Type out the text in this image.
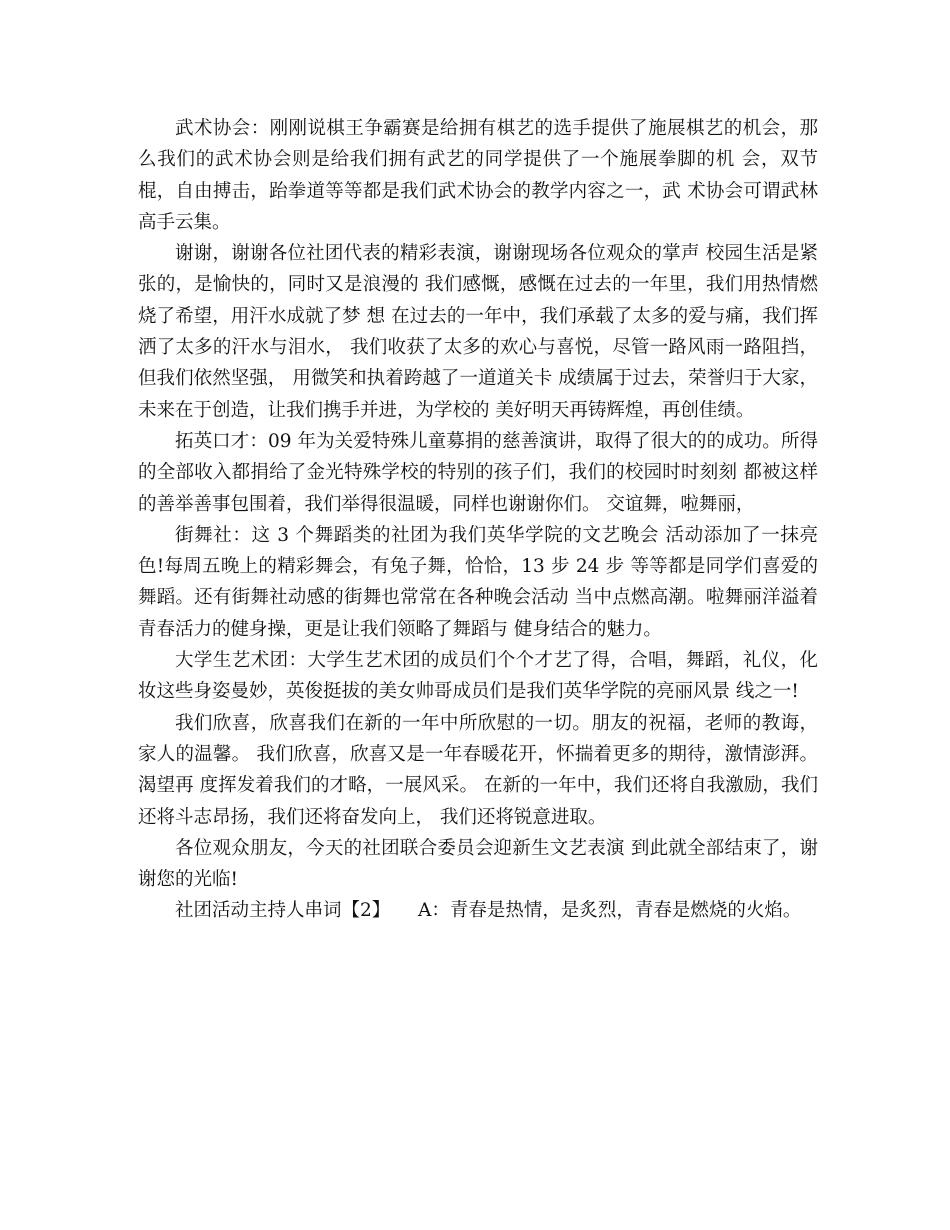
武术协会：刚刚说棋王争霸赛是给拥有棋艺的选手提供了施展棋艺的机会，那么我们的武术协会则是给我们拥有武艺的同学提供了一个施展拳脚的机 会，双节棍，自由搏击，跆拳道等等都是我们武术协会的教学内容之一，武 术协会可谓武林高手云集。

谢谢，谢谢各位社团代表的精彩表演，谢谢现场各位观众的掌声 校园生活是紧张的，是愉快的，同时又是浪漫的 我们感慨，感慨在过去的一年里，我们用热情燃烧了希望，用汗水成就了梦 想 在过去的一年中，我们承载了太多的爱与痛，我们挥洒了太多的汗水与泪水， 我们收获了太多的欢心与喜悦，尽管一路风雨一路阻挡，但我们依然坚强， 用微笑和执着跨越了一道道关卡 成绩属于过去，荣誉归于大家，未来在于创造，让我们携手并进，为学校的 美好明天再铸辉煌，再创佳绩。

拓英口才：09 年为关爱特殊儿童募捐的慈善演讲，取得了很大的的成功。所得的全部收入都捐给了金光特殊学校的特别的孩子们，我们的校园时时刻刻 都被这样的善举善事包围着，我们举得很温暖，同样也谢谢你们。 交谊舞，啦舞丽，

街舞社：这 3 个舞蹈类的社团为我们英华学院的文艺晚会 活动添加了一抹亮色!每周五晚上的精彩舞会，有兔子舞，恰恰，13 步 24 步 等等都是同学们喜爱的舞蹈。还有街舞社动感的街舞也常常在各种晚会活动 当中点燃高潮。啦舞丽洋溢着青春活力的健身操，更是让我们领略了舞蹈与 健身结合的魅力。

大学生艺术团：大学生艺术团的成员们个个才艺了得，合唱，舞蹈，礼仪，化妆这些身姿曼妙，英俊挺拔的美女帅哥成员们是我们英华学院的亮丽风景 线之一!

我们欣喜，欣喜我们在新的一年中所欣慰的一切。朋友的祝福，老师的教诲，家人的温馨。 我们欣喜，欣喜又是一年春暖花开，怀揣着更多的期待，激情澎湃。渴望再 度挥发着我们的才略，一展风采。 在新的一年中，我们还将自我激励，我们还将斗志昂扬，我们还将奋发向上， 我们还将锐意进取。

各位观众朋友，今天的社团联合委员会迎新生文艺表演 到此就全部结束了，谢谢您的光临!

社团活动主持人串词【2】　　A：青春是热情，是炙烈，青春是燃烧的火焰。
